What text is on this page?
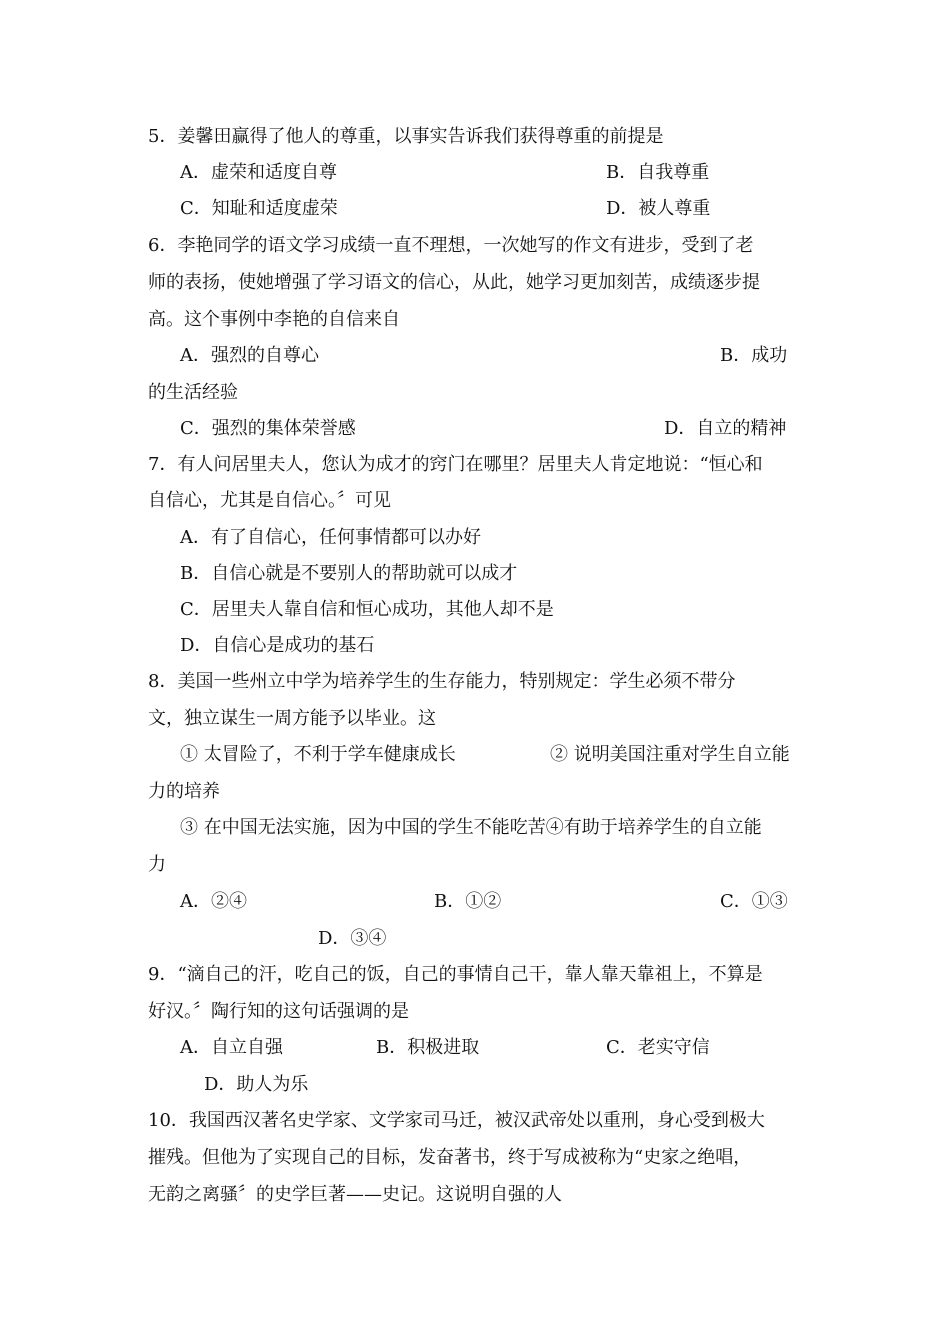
5．姜馨田赢得了他人的尊重，以事实告诉我们获得尊重的前提是
A．虚荣和适度自尊	B．自我尊重
C．知耻和适度虚荣	D．被人尊重
6．李艳同学的语文学习成绩一直不理想，一次她写的作文有进步，受到了老
师的表扬，使她增强了学习语文的信心，从此，她学习更加刻苦，成绩逐步提
高。这个事例中李艳的自信来自
A．强烈的自尊心	B．成功
的生活经验
C．强烈的集体荣誉感	D．自立的精神
7．有人问居里夫人，您认为成才的窍门在哪里？居里夫人肯定地说：“恒心和
自信心，尤其是自信心。〞可见
A．有了自信心，任何事情都可以办好
B．自信心就是不要别人的帮助就可以成才
C．居里夫人靠自信和恒心成功，其他人却不是
D．自信心是成功的基石
8．美国一些州立中学为培养学生的生存能力，特别规定：学生必须不带分
文，独立谋生一周方能予以毕业。这
① 太冒险了，不利于学车健康成长	② 说明美国注重对学生自立能
力的培养
③ 在中国无法实施，因为中国的学生不能吃苦④有助于培养学生的自立能
力
A．②④	B．①②	C．①③
D．③④
9．“滴自己的汗，吃自己的饭，自己的事情自己干，靠人靠天靠祖上，不算是
好汉。〞陶行知的这句话强调的是
A．自立自强	B．积极进取	C．老实守信
D．助人为乐
10．我国西汉著名史学家、文学家司马迁，被汉武帝处以重刑，身心受到极大
摧残。但他为了实现自己的目标，发奋著书，终于写成被称为“史家之绝唱，
无韵之离骚〞的史学巨著——史记。这说明自强的人
